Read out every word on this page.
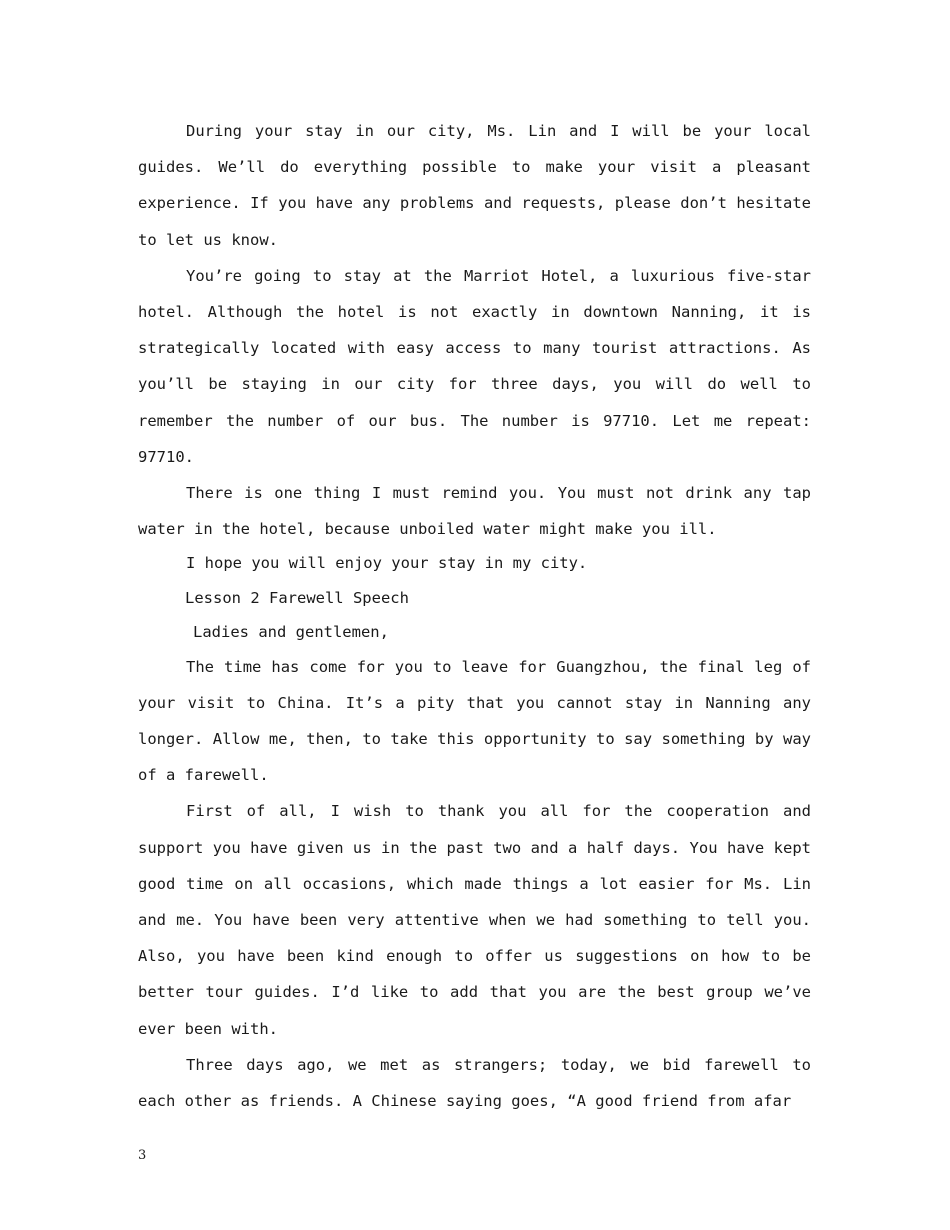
During your stay in our city, Ms. Lin and I will be your local guides. We’ll do everything possible to make your visit a pleasant experience. If you have any problems and requests, please don’t hesitate to let us know.

You’re going to stay at the Marriot Hotel, a luxurious five-star hotel. Although the hotel is not exactly in downtown Nanning, it is strategically located with easy access to many tourist attractions. As you’ll be staying in our city for three days, you will do well to remember the number of our bus. The number is 97710. Let me repeat: 97710.

There is one thing I must remind you. You must not drink any tap water in the hotel, because unboiled water might make you ill.

I hope you will enjoy your stay in my city.

Lesson 2 Farewell Speech

Ladies and gentlemen,

The time has come for you to leave for Guangzhou, the final leg of your visit to China. It’s a pity that you cannot stay in Nanning any longer. Allow me, then, to take this opportunity to say something by way of a farewell.

First of all, I wish to thank you all for the cooperation and support you have given us in the past two and a half days. You have kept good time on all occasions, which made things a lot easier for Ms. Lin and me. You have been very attentive when we had something to tell you. Also, you have been kind enough to offer us suggestions on how to be better tour guides. I’d like to add that you are the best group we’ve ever been with.

Three days ago, we met as strangers; today, we bid farewell to each other as friends. A Chinese saying goes, “A good friend from afar

3
